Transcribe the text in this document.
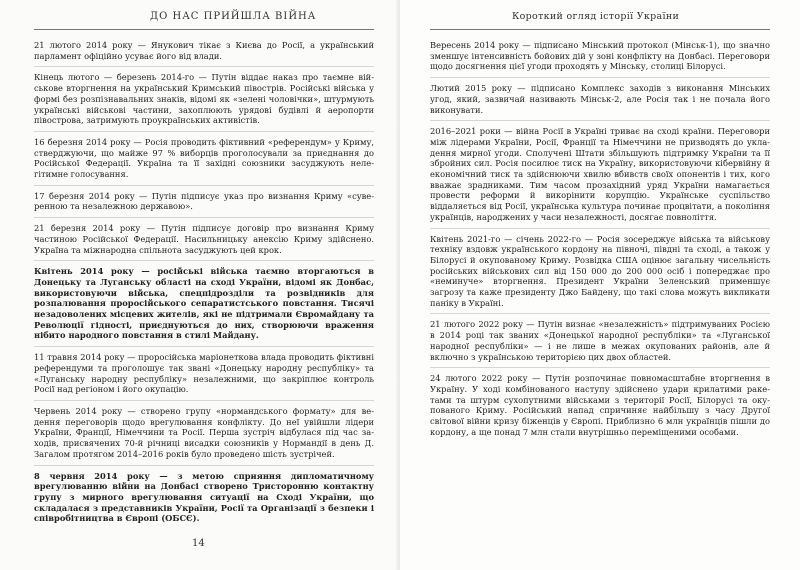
ДО НАС ПРИЙШЛА ВІЙНА
21 лютого 2014 року — Янукович тікає з Києва до Росії, а український парламент офіційно усуває його від влади.
Кінець лютого — березень 2014-го — Путін віддає наказ про таємне військове вторгнення на український Кримський півострів. Російські війська у формі без розпізнавальних знаків, відомі як «зелені чоловічки», штурмують українські військові частини, захоплюють урядові будівлі й аеропорти півострова, затримують проукраїнських активістів.
16 березня 2014 року — Росія проводить фіктивний «референдум» у Криму, стверджуючи, що майже 97 % виборців проголосували за приєднання до Російської Федерації. Україна та її західні союзники засуджують нелегітимне голосування.
17 березня 2014 року — Путін підписує указ про визнання Криму «суверенною та незалежною державою».
21 березня 2014 року — Путін підписує договір про визнання Криму частиною Російської Федерації. Насильницьку анексію Криму здійснено. Україна та міжнародна спільнота засуджують цей крок.
Квітень 2014 року — російські війська таємно вторгаються в Донецьку та Луганську області на сході України, відомі як Донбас, використовуючи війська, спецпідрозділи та розвідників для розпалювання проросійського сепаратистського повстання. Тисячі незадоволених місцевих жителів, які не підтримали Євромайдану та Революції гідності, приєднуються до них, створюючи враження нібито народного повстання в стилі Майдану.
11 травня 2014 року — проросійська маріонеткова влада проводить фіктивні референдуми та проголошує так звані «Донецьку народну республіку» та «Луганську народну республіку» незалежними, що закріплює контроль Росії над регіоном і його окупацію.
Червень 2014 року — створено групу «нормандського формату» для ведення переговорів щодо врегулювання конфлікту. До неї увійшли лідери України, Франції, Німеччини та Росії. Перша зустріч відбулася під час заходів, присвячених 70-й річниці висадки союзників у Нормандії в день Д. Загалом протягом 2014–2016 років було проведено шість зустрічей.
8 червня 2014 року — з метою сприяння дипломатичному врегулюванню війни на Донбасі створено Тристоронню контактну групу з мирного врегулювання ситуації на Сході України, що складалася з представників України, Росії та Організації з безпеки і співробітництва в Європі (ОБСЄ).
14
Короткий огляд історії України
Вересень 2014 року — підписано Мінський протокол (Мінськ-1), що значно зменшує інтенсивність бойових дій у зоні конфлікту на Донбасі. Переговори щодо досягнення цієї угоди проходять у Мінську, столиці Білорусі.
Лютий 2015 року — підписано Комплекс заходів з виконання Мінських угод, який, зазвичай називають Мінськ-2, але Росія так і не почала його виконувати.
2016–2021 роки — війна Росії в Україні триває на сході країни. Переговори між лідерами України, Росії, Франції та Німеччини не призводять до укладення мирної угоди. Сполучені Штати збільшують підтримку України та її збройних сил. Росія посилює тиск на Україну, використовуючи кібервійну й економічний тиск та здійснюючи хвилю вбивств своїх опонентів і тих, кого вважає зрадниками. Тим часом прозахідний уряд України намагається провести реформи й викорінити корупцію. Українське суспільство віддаляється від Росії, українська культура починає процвітати, а покоління українців, народжених у часи незалежності, досягає повноліття.
Квітень 2021-го — січень 2022-го — Росія зосереджує війська та військову техніку вздовж українського кордону на півночі, півдні та сході, а також у Білорусі й окупованому Криму. Розвідка США оцінює загальну чисельність російських військових сил від 150 000 до 200 000 осіб і попереджає про «неминуче» вторгнення. Президент України Зеленський применшує загрозу та каже президенту Джо Байдену, що такі слова можуть викликати паніку в Україні.
21 лютого 2022 року — Путін визнає «незалежність» підтримуваних Росією в 2014 році так званих «Донецької народної республіки» та «Луганської народної республіки» — і не лише в межах окупованих районів, але й включно з українською територією цих двох областей.
24 лютого 2022 року — Путін розпочинає повномасштабне вторгнення в Україну. У ході комбінованого наступу здійснено удари крилатими ракетами та штурм сухопутними військами з території Росії, Білорусі та окупованого Криму. Російський напад спричиняє найбільшу з часу Другої світової війни кризу біженців у Європі. Приблизно 6 млн українців пішли до кордону, а ще понад 7 млн стали внутрішньо переміщеними особами.
